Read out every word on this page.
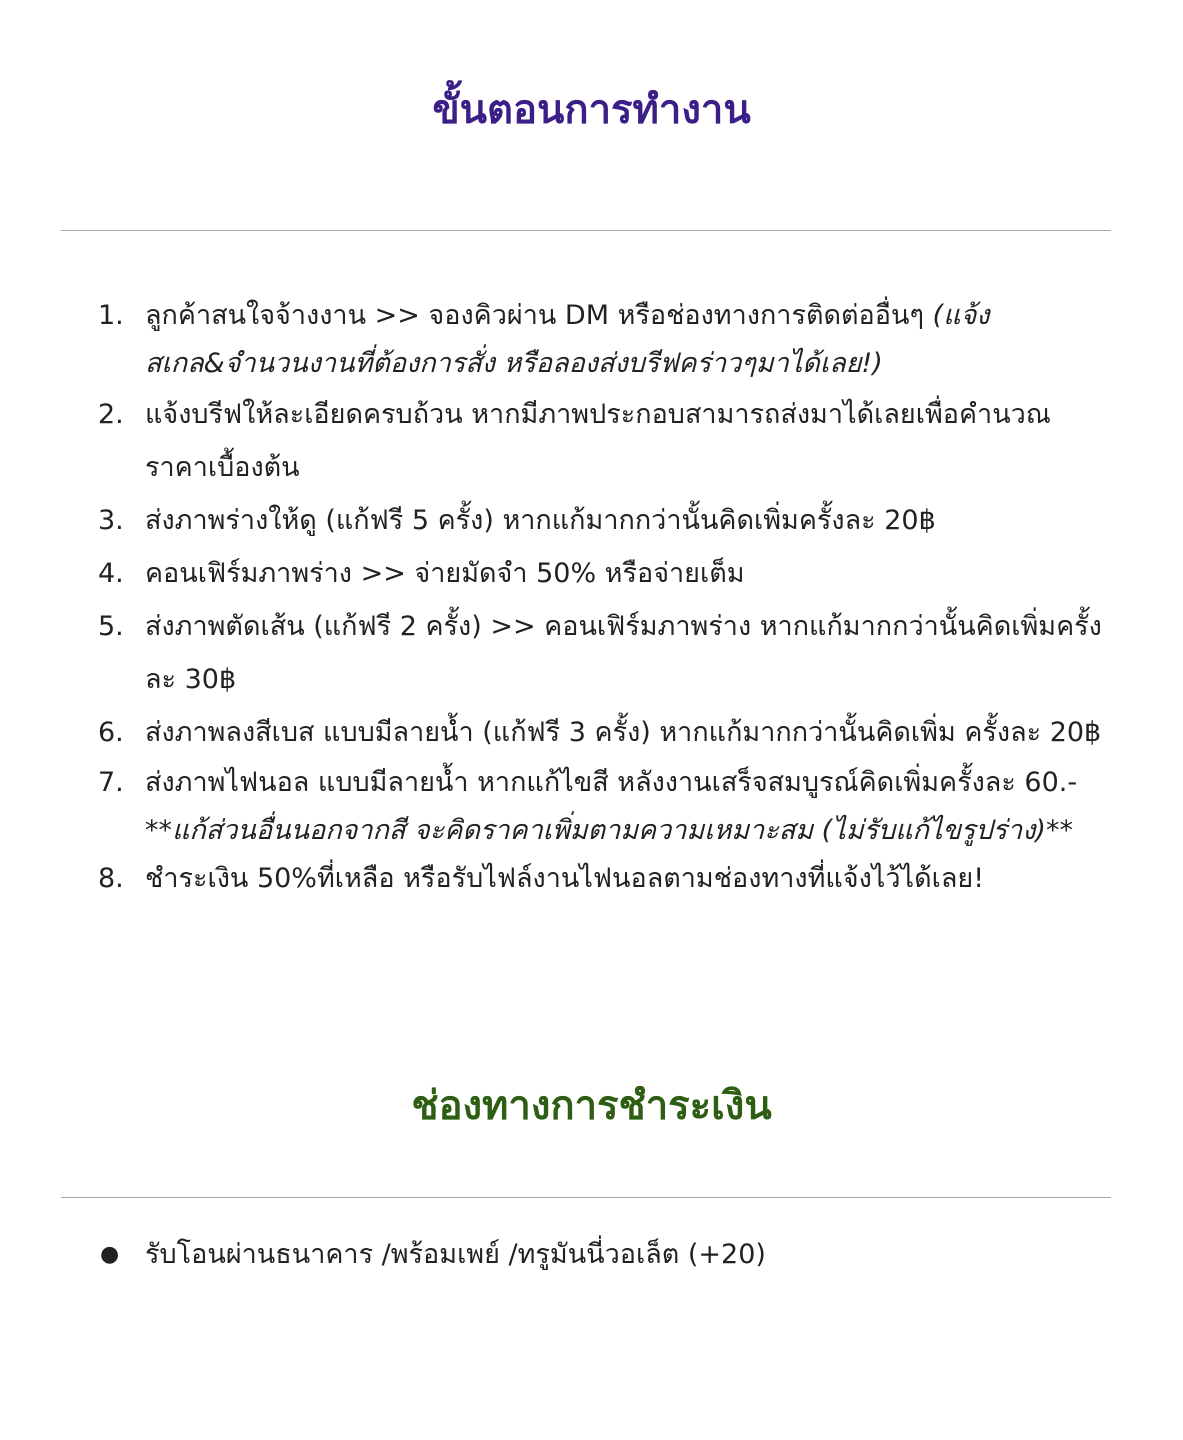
ขั้นตอนการทำงาน
1. ลูกค้าสนใจจ้างงาน >> จองคิวผ่าน DM หรือช่องทางการติดต่ออื่นๆ (แจ้งสเกล&จำนวนงานที่ต้องการสั่ง หรือลองส่งบรีฟคร่าวๆมาได้เลย!)
2. แจ้งบรีฟให้ละเอียดครบถ้วน หากมีภาพประกอบสามารถส่งมาได้เลยเพื่อคำนวณราคาเบื้องต้น
3. ส่งภาพร่างให้ดู (แก้ฟรี 5 ครั้ง) หากแก้มากกว่านั้นคิดเพิ่มครั้งละ 20฿
4. คอนเฟิร์มภาพร่าง >> จ่ายมัดจำ 50% หรือจ่ายเต็ม
5. ส่งภาพตัดเส้น (แก้ฟรี 2 ครั้ง) >> คอนเฟิร์มภาพร่าง หากแก้มากกว่านั้นคิดเพิ่มครั้งละ 30฿
6. ส่งภาพลงสีเบส แบบมีลายน้ำ (แก้ฟรี 3 ครั้ง) หากแก้มากกว่านั้นคิดเพิ่ม ครั้งละ 20฿
7. ส่งภาพไฟนอล แบบมีลายน้ำ หากแก้ไขสี หลังงานเสร็จสมบูรณ์คิดเพิ่มครั้งละ 60.-
**แก้ส่วนอื่นนอกจากสี จะคิดราคาเพิ่มตามความเหมาะสม (ไม่รับแก้ไขรูปร่าง)**
8. ชำระเงิน 50%ที่เหลือ หรือรับไฟล์งานไฟนอลตามช่องทางที่แจ้งไว้ได้เลย!
ช่องทางการชำระเงิน
● รับโอนผ่านธนาคาร /พร้อมเพย์ /ทรูมันนี่วอเล็ต (+20)
